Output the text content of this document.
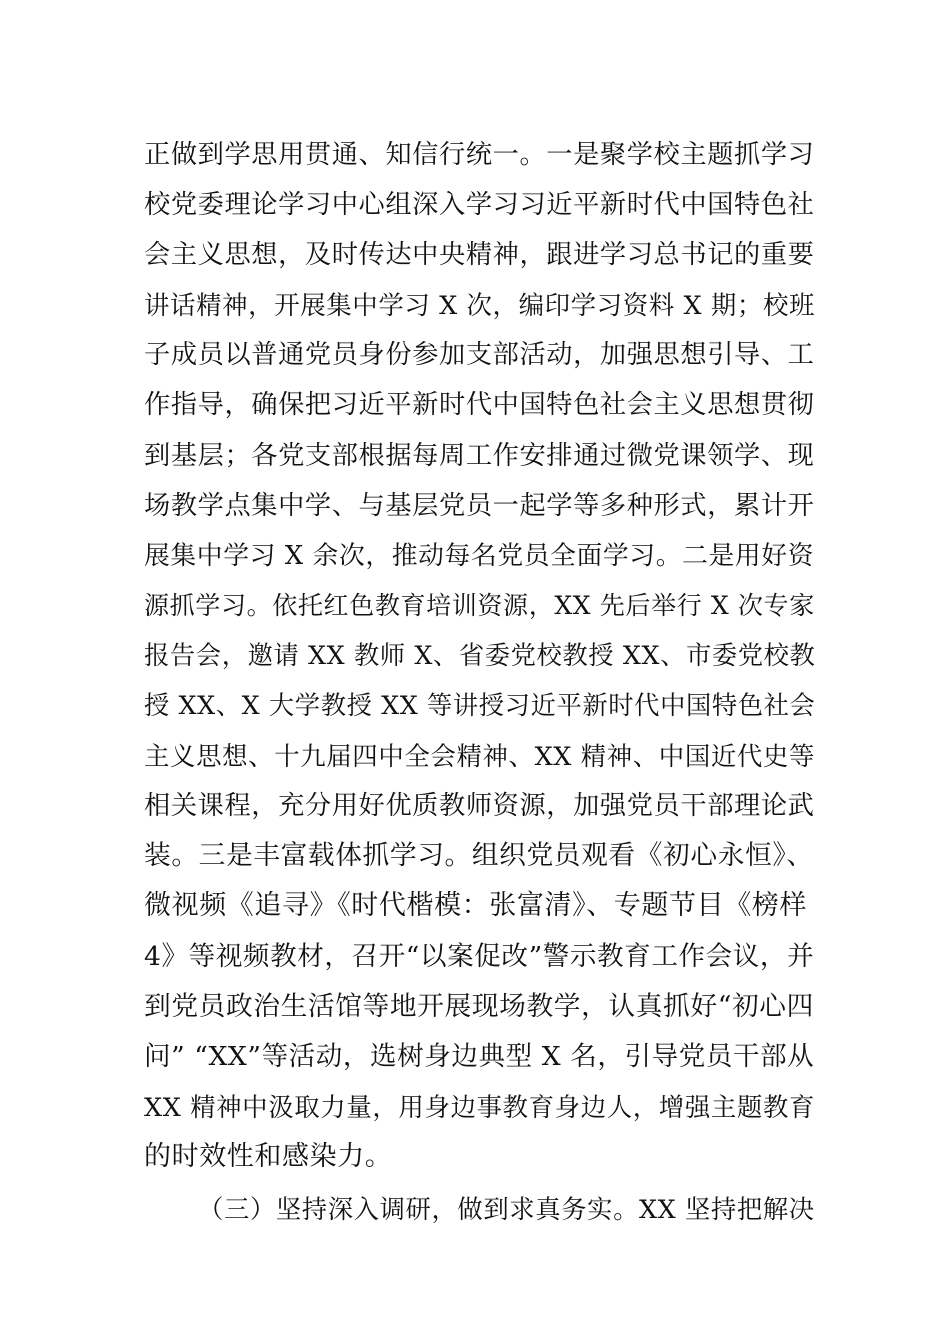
正做到学思用贯通、知信行统一。一是聚学校主题抓学习
校党委理论学习中心组深入学习习近平新时代中国特色社
会主义思想，及时传达中央精神，跟进学习总书记的重要
讲话精神，开展集中学习 X 次，编印学习资料 X 期；校班
子成员以普通党员身份参加支部活动，加强思想引导、工
作指导，确保把习近平新时代中国特色社会主义思想贯彻
到基层；各党支部根据每周工作安排通过微党课领学、现
场教学点集中学、与基层党员一起学等多种形式，累计开
展集中学习 X 余次，推动每名党员全面学习。二是用好资
源抓学习。依托红色教育培训资源，XX 先后举行 X 次专家
报告会，邀请 XX 教师 X、省委党校教授 XX、市委党校教
授 XX、X 大学教授 XX 等讲授习近平新时代中国特色社会
主义思想、十九届四中全会精神、XX 精神、中国近代史等
相关课程，充分用好优质教师资源，加强党员干部理论武
装。三是丰富载体抓学习。组织党员观看《初心永恒》、
微视频《追寻》《时代楷模：张富清》、专题节目《榜样
4》等视频教材，召开“以案促改”警示教育工作会议，并
到党员政治生活馆等地开展现场教学，认真抓好“初心四
问” “XX”等活动，选树身边典型 X 名，引导党员干部从
XX 精神中汲取力量，用身边事教育身边人，增强主题教育
的时效性和感染力。
（三）坚持深入调研，做到求真务实。XX 坚持把解决
